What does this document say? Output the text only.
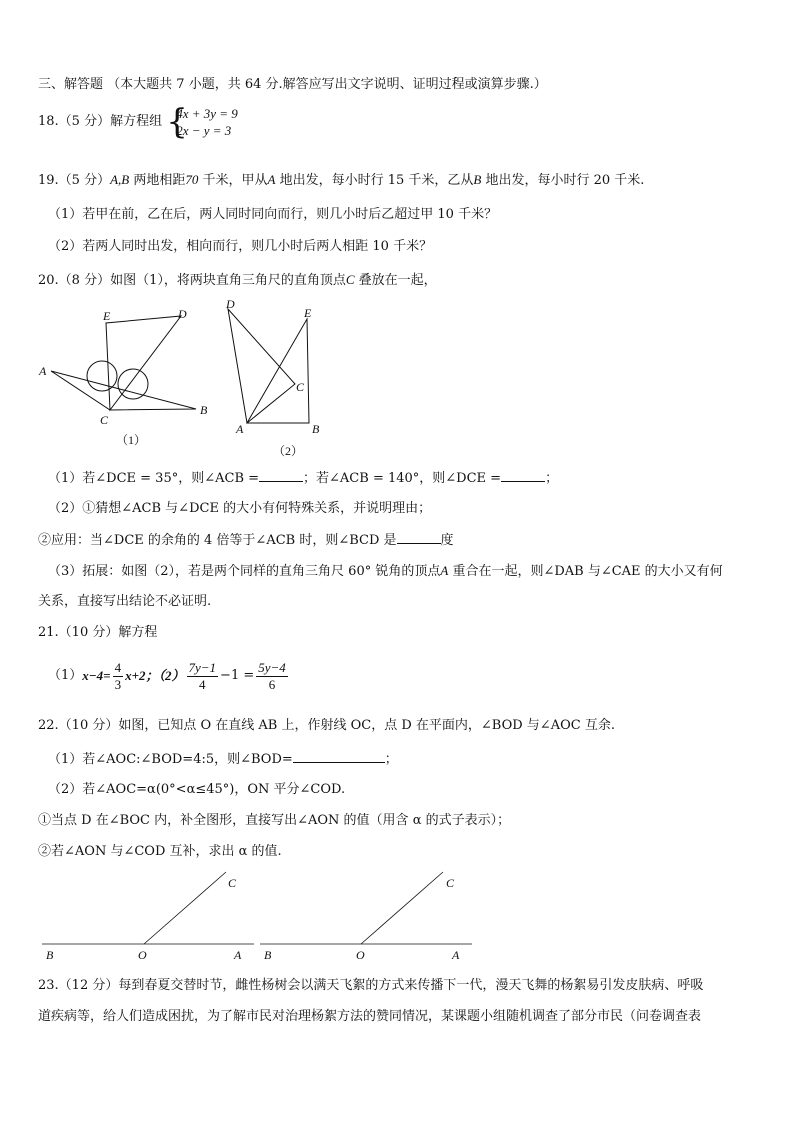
三、解答题 （本大题共 7 小题，共 64 分.解答应写出文字说明、证明过程或演算步骤.）
18.（5 分）解方程组 {
4x + 3y = 9
2x − y = 3
19.（5 分）A,B 两地相距70 千米，甲从A 地出发，每小时行 15 千米，乙从B 地出发，每小时行 20 千米.
（1）若甲在前，乙在后，两人同时同向而行，则几小时后乙超过甲 10 千米？
（2）若两人同时出发，相向而行，则几小时后两人相距 10 千米？
20.（8 分）如图（1），将两块直角三角尺的直角顶点C 叠放在一起，
E	D
A
C
B
（1）
D
E
C
A	B
（2）
（1）若∠DCE = 35°，则∠ACB =	；若∠ACB = 140°，则∠DCE =	；
（2）①猜想∠ACB 与∠DCE 的大小有何特殊关系，并说明理由；
②应用：当∠DCE 的余角的 4 倍等于∠ACB 时，则∠BCD 是	度
（3）拓展：如图（2），若是两个同样的直角三角尺 60° 锐角的顶点A 重合在一起，则∠DAB 与∠CAE 的大小又有何
关系，直接写出结论不必证明.
21.（10 分）解方程
（1） $x-4= \frac{4}{3} x+2$；$(2) \frac{7y-1}{4} -1 = \frac{5y-4}{6}$
22.（10 分）如图，已知点 O 在直线 AB 上，作射线 OC，点 D 在平面内，∠BOD 与∠AOC 互余.
（1）若∠AOC:∠BOD=4:5，则∠BOD=	；
（2）若∠AOC=α(0°<α≤45°)，ON 平分∠COD.
①当点 D 在∠BOC 内，补全图形，直接写出∠AON 的值（用含 α 的式子表示）；
②若∠AON 与∠COD 互补，求出 α 的值.
B	O	A
C
B	O	A
C
23.（12 分）每到春夏交替时节，雌性杨树会以满天飞絮的方式来传播下一代，漫天飞舞的杨絮易引发皮肤病、呼吸
道疾病等，给人们造成困扰，为了解市民对治理杨絮方法的赞同情况，某课题小组随机调查了部分市民（问卷调查表
